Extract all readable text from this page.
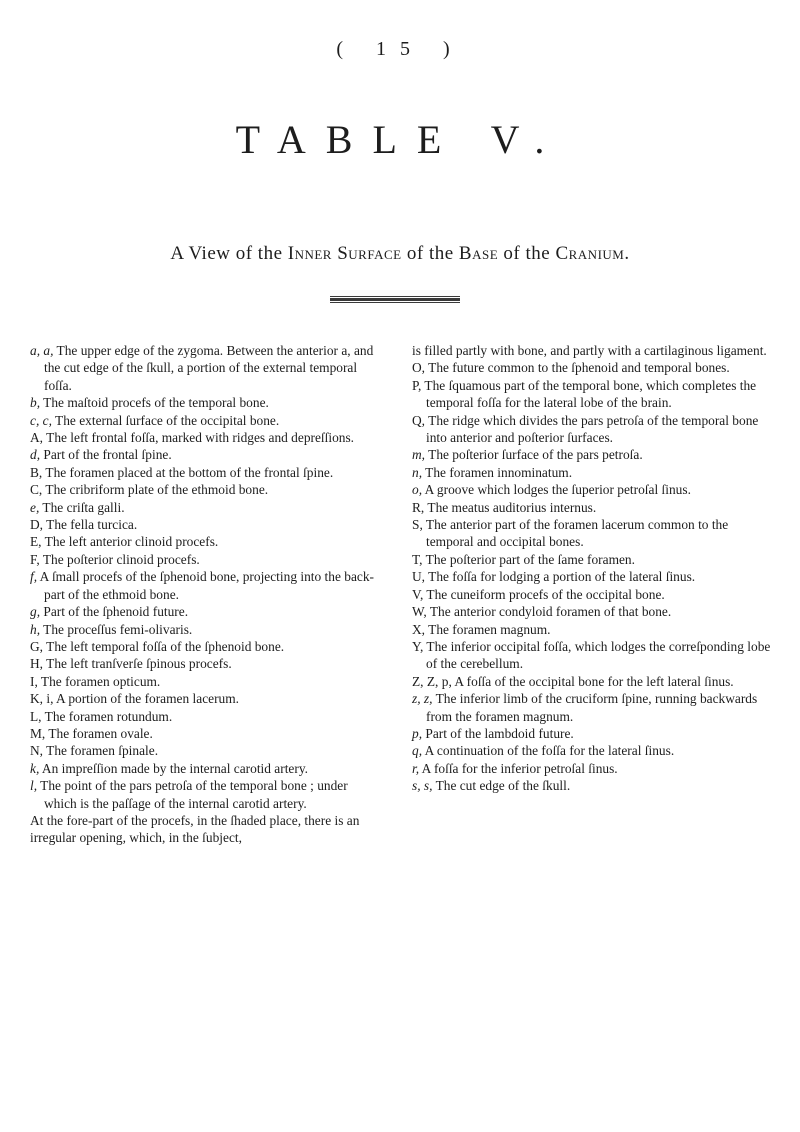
( 15 )
TABLE V.
A View of the Inner Surface of the Base of the Cranium.

a, a, The upper edge of the zygoma. Between the anterior a, and the cut edge of the ſkull, a portion of the external temporal foſſa.

b, The maſtoid procefs of the temporal bone.

c, c, The external ſurface of the occipital bone.

A, The left frontal foſſa, marked with ridges and depreſſions.

d, Part of the frontal ſpine.

B, The foramen placed at the bottom of the frontal ſpine.

C, The cribriform plate of the ethmoid bone.

e, The criſta galli.

D, The fella turcica.

E, The left anterior clinoid procefs.

F, The poſterior clinoid procefs.

f, A ſmall procefs of the ſphenoid bone, projecting into the back-part of the ethmoid bone.

g, Part of the ſphenoid future.

h, The proceſſus femi-olivaris.

G, The left temporal foſſa of the ſphenoid bone.

H, The left tranſverſe ſpinous procefs.

I, The foramen opticum.

K, i, A portion of the foramen lacerum.

L, The foramen rotundum.

M, The foramen ovale.

N, The foramen ſpinale.

k, An impreſſion made by the internal carotid artery.

l, The point of the pars petroſa of the temporal bone ; under which is the paſſage of the internal carotid artery.

At the fore-part of the procefs, in the ſhaded place, there is an irregular opening, which, in the ſubject,

is filled partly with bone, and partly with a cartilaginous ligament.

O, The future common to the ſphenoid and temporal bones.

P, The ſquamous part of the temporal bone, which completes the temporal foſſa for the lateral lobe of the brain.

Q, The ridge which divides the pars petroſa of the temporal bone into anterior and poſterior ſurfaces.

m, The poſterior ſurface of the pars petroſa.

n, The foramen innominatum.

o, A groove which lodges the ſuperior petroſal ſinus.

R, The meatus auditorius internus.

S, The anterior part of the foramen lacerum common to the temporal and occipital bones.

T, The poſterior part of the ſame foramen.

U, The foſſa for lodging a portion of the lateral ſinus.

V, The cuneiform procefs of the occipital bone.

W, The anterior condyloid foramen of that bone.

X, The foramen magnum.

Y, The inferior occipital foſſa, which lodges the correſponding lobe of the cerebellum.

Z, Z, p, A foſſa of the occipital bone for the left lateral ſinus.

z, z, The inferior limb of the cruciform ſpine, running backwards from the foramen magnum.

p, Part of the lambdoid future.

q, A continuation of the foſſa for the lateral ſinus.

r, A foſſa for the inferior petroſal ſinus.

s, s, The cut edge of the ſkull.
